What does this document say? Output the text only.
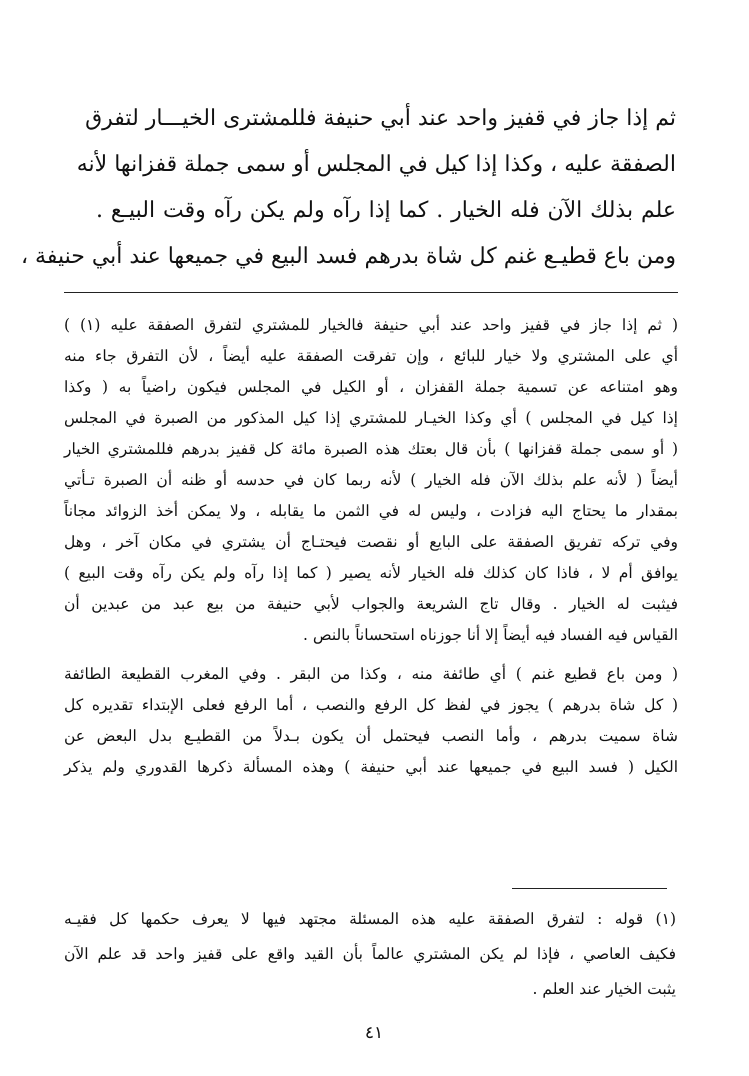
ثم إذا جاز في قفيز واحد عند أبي حنيفة فللمشترى الخيـــار لتفرق
الصفقة عليه ، وكذا إذا كيل في المجلس أو سمى جملة قفزانها لأنه
علم بذلك الآن فله الخيار . كما إذا رآه ولم يكن رآه وقت البيـع .
ومن باع قطيـع غنم كل شاة بدرهم فسد البيع في جميعها عند أبي حنيفة ،
( ثم إذا جاز في قفيز واحد عند أبي حنيفة فالخيار للمشتري لتفرق الصفقة عليه (١) )
أي على المشتري ولا خيار للبائع ، وإن تفرقت الصفقة عليه أيضاً ، لأن التفرق جاء منه
وهو امتناعه عن تسمية جملة القفزان ، أو الكيل في المجلس فيكون راضياً به ( وكذا
إذا كيل في المجلس ) أي وكذا الخيـار للمشتري إذا كيل المذكور من الصبرة في المجلس
( أو سمى جملة قفزانها ) بأن قال بعتك هذه الصبرة مائة كل قفيز بدرهم فللمشتري الخيار
أيضاً ( لأنه علم بذلك الآن فله الخيار ) لأنه ربما كان في حدسه أو ظنه أن الصبرة تـأتي
بمقدار ما يحتاج اليه فزادت ، وليس له في الثمن ما يقابله ، ولا يمكن أخذ الزوائد مجاناً
وفي تركه تفريق الصفقة على البايع أو نقصت فيحتـاج أن يشتري في مكان آخر ، وهل
يوافق أم لا ، فاذا كان كذلك فله الخيار لأنه يصير ( كما إذا رآه ولم يكن رآه وقت البيع )
فيثبت له الخيار . وقال تاج الشريعة والجواب لأبي حنيفة من بيع عبد من عبدين أن
القياس فيه الفساد فيه أيضاً إلا أنا جوزناه استحساناً بالنص .
( ومن باع قطيع غنم ) أي طائفة منه ، وكذا من البقر . وفي المغرب القطيعة الطائفة
( كل شاة بدرهم ) يجوز في لفظ كل الرفع والنصب ، أما الرفع فعلى الإبتداء تقديره كل
شاة سميت بدرهم ، وأما النصب فيحتمل أن يكون بـدلاً من القطيـع بدل البعض عن
الكيل ( فسد البيع في جميعها عند أبي حنيفة ) وهذه المسألة ذكرها القدوري ولم يذكر
(١) قوله : لتفرق الصفقة عليه هذه المسئلة مجتهد فيها لا يعرف حكمها كل فقيـه
فكيف العاصي ، فإذا لم يكن المشتري عالماً بأن القيد واقع على قفيز واحد قد علم الآن
يثبت الخيار عند العلم .
٤١
